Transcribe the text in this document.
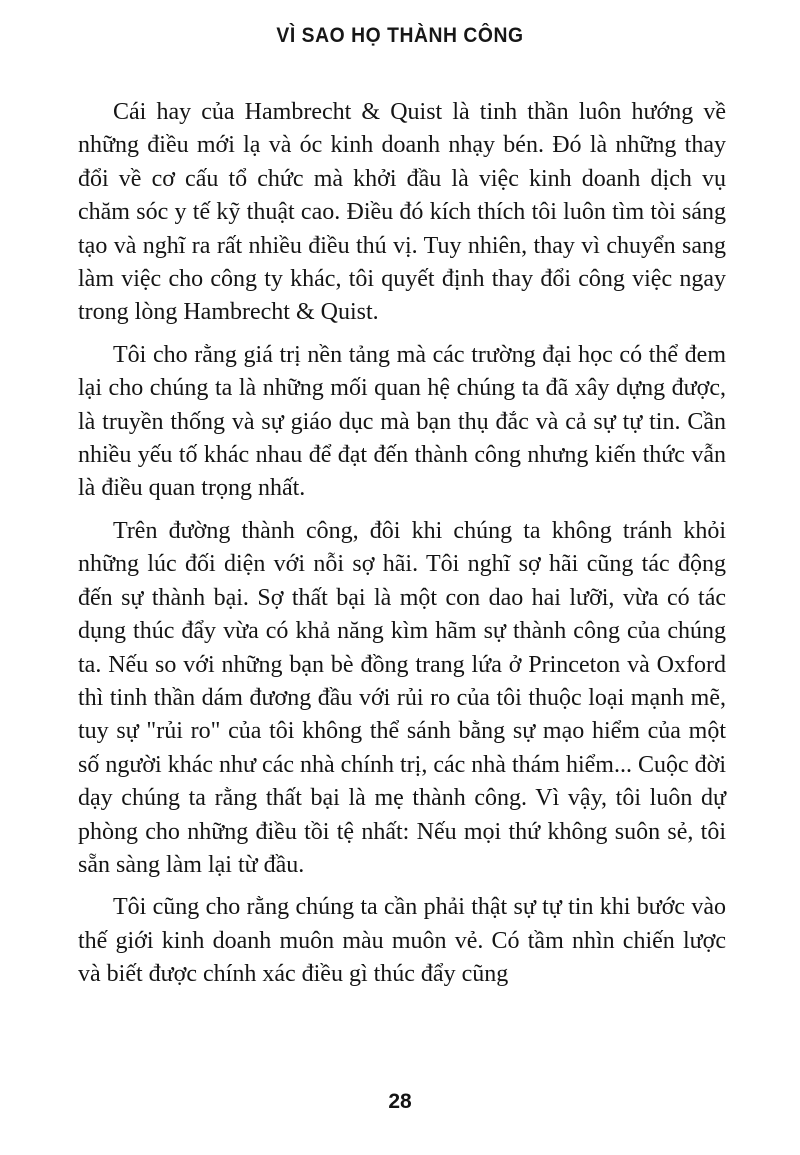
VÌ SAO HỌ THÀNH CÔNG

Cái hay của Hambrecht & Quist là tinh thần luôn hướng về những điều mới lạ và óc kinh doanh nhạy bén. Đó là những thay đổi về cơ cấu tổ chức mà khởi đầu là việc kinh doanh dịch vụ chăm sóc y tế kỹ thuật cao. Điều đó kích thích tôi luôn tìm tòi sáng tạo và nghĩ ra rất nhiều điều thú vị. Tuy nhiên, thay vì chuyển sang làm việc cho công ty khác, tôi quyết định thay đổi công việc ngay trong lòng Hambrecht & Quist.

Tôi cho rằng giá trị nền tảng mà các trường đại học có thể đem lại cho chúng ta là những mối quan hệ chúng ta đã xây dựng được, là truyền thống và sự giáo dục mà bạn thụ đắc và cả sự tự tin. Cần nhiều yếu tố khác nhau để đạt đến thành công nhưng kiến thức vẫn là điều quan trọng nhất.

Trên đường thành công, đôi khi chúng ta không tránh khỏi những lúc đối diện với nỗi sợ hãi. Tôi nghĩ sợ hãi cũng tác động đến sự thành bại. Sợ thất bại là một con dao hai lưỡi, vừa có tác dụng thúc đẩy vừa có khả năng kìm hãm sự thành công của chúng ta. Nếu so với những bạn bè đồng trang lứa ở Princeton và Oxford thì tinh thần dám đương đầu với rủi ro của tôi thuộc loại mạnh mẽ, tuy sự "rủi ro" của tôi không thể sánh bằng sự mạo hiểm của một số người khác như các nhà chính trị, các nhà thám hiểm... Cuộc đời dạy chúng ta rằng thất bại là mẹ thành công. Vì vậy, tôi luôn dự phòng cho những điều tồi tệ nhất: Nếu mọi thứ không suôn sẻ, tôi sẵn sàng làm lại từ đầu.

Tôi cũng cho rằng chúng ta cần phải thật sự tự tin khi bước vào thế giới kinh doanh muôn màu muôn vẻ. Có tầm nhìn chiến lược và biết được chính xác điều gì thúc đẩy cũng

28
